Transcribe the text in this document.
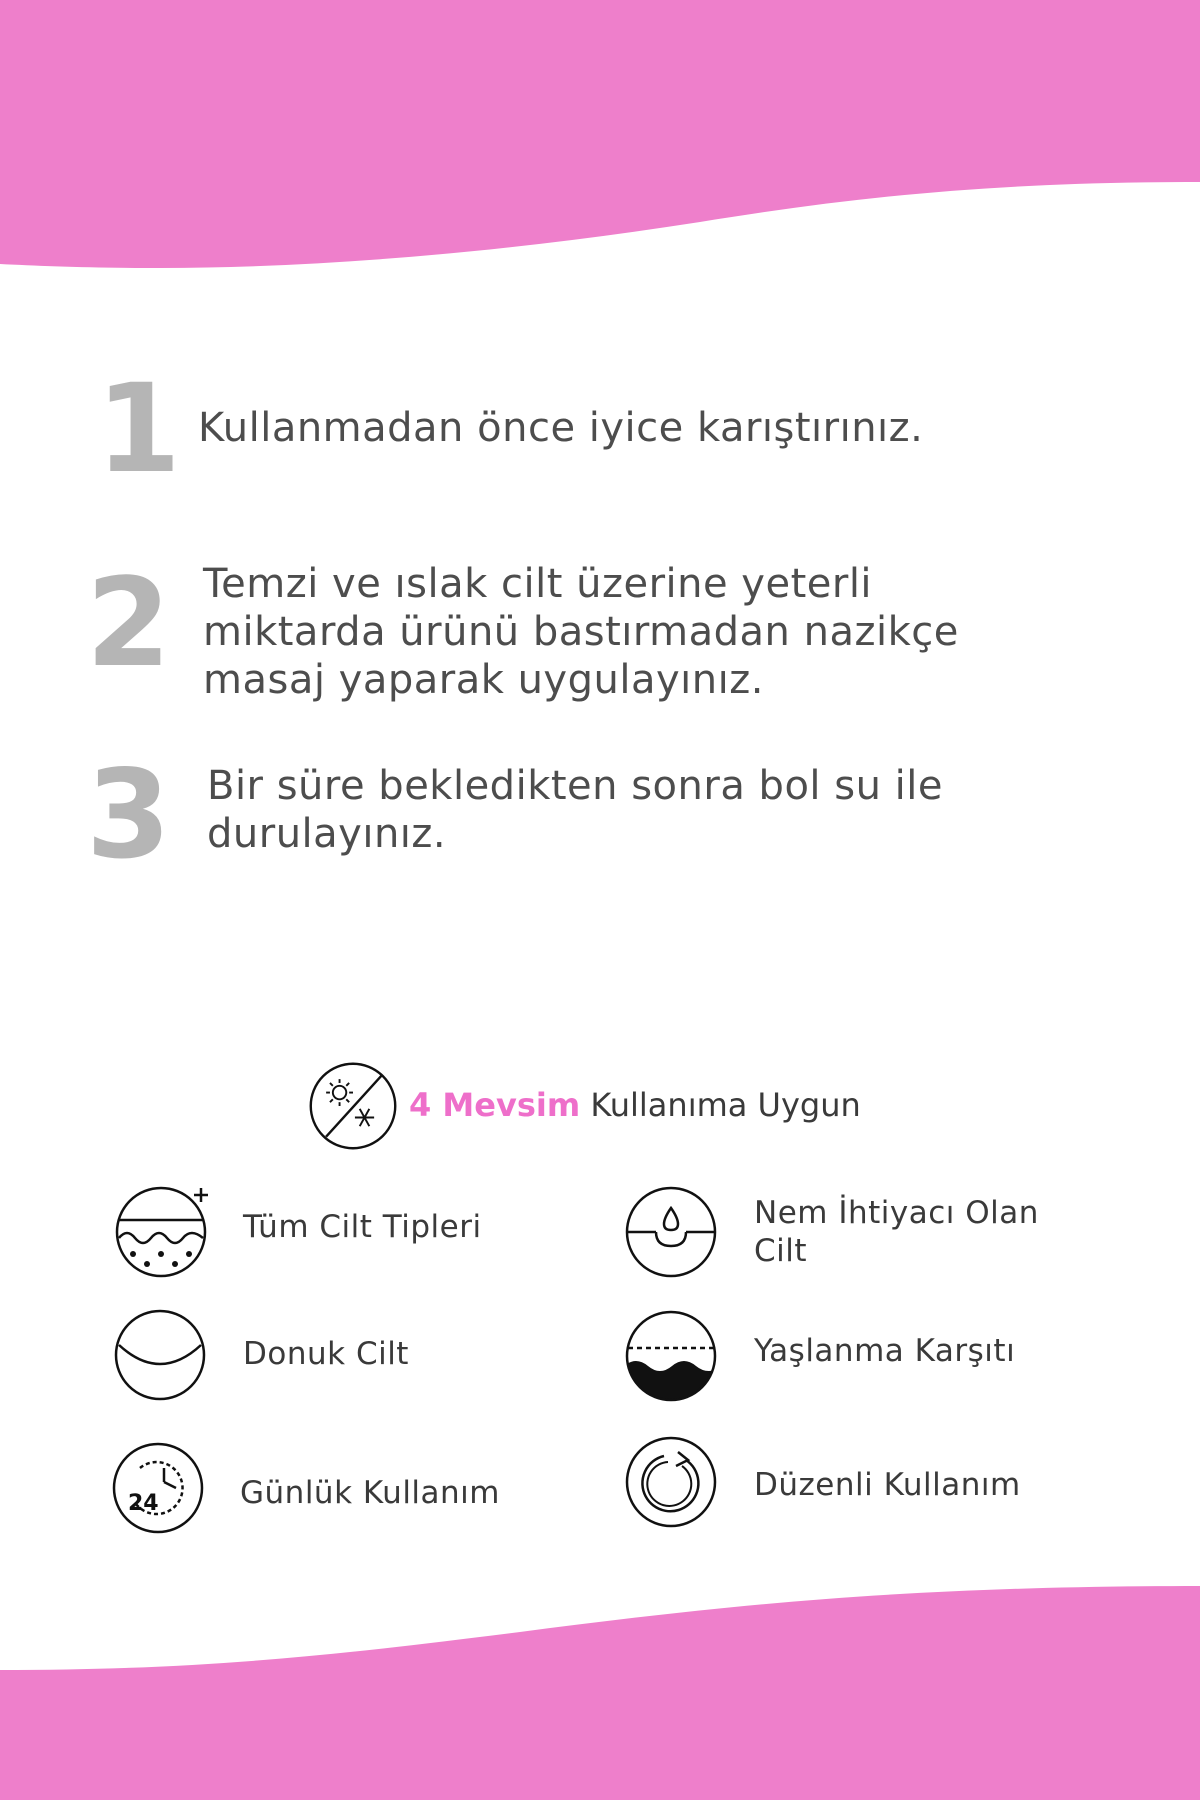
1 Kullanmadan önce iyice karıştırınız.
2 Temzi ve ıslak cilt üzerine yeterli
miktarda ürünü bastırmadan nazikçe
masaj yaparak uygulayınız.
3 Bir süre bekledikten sonra bol su ile
durulayınız.
4 Mevsim Kullanıma Uygun
Tüm Cilt Tipleri	Nem İhtiyacı Olan
Cilt
Donuk Cilt	Yaşlanma Karşıtı
24	Günlük Kullanım	Düzenli Kullanım
